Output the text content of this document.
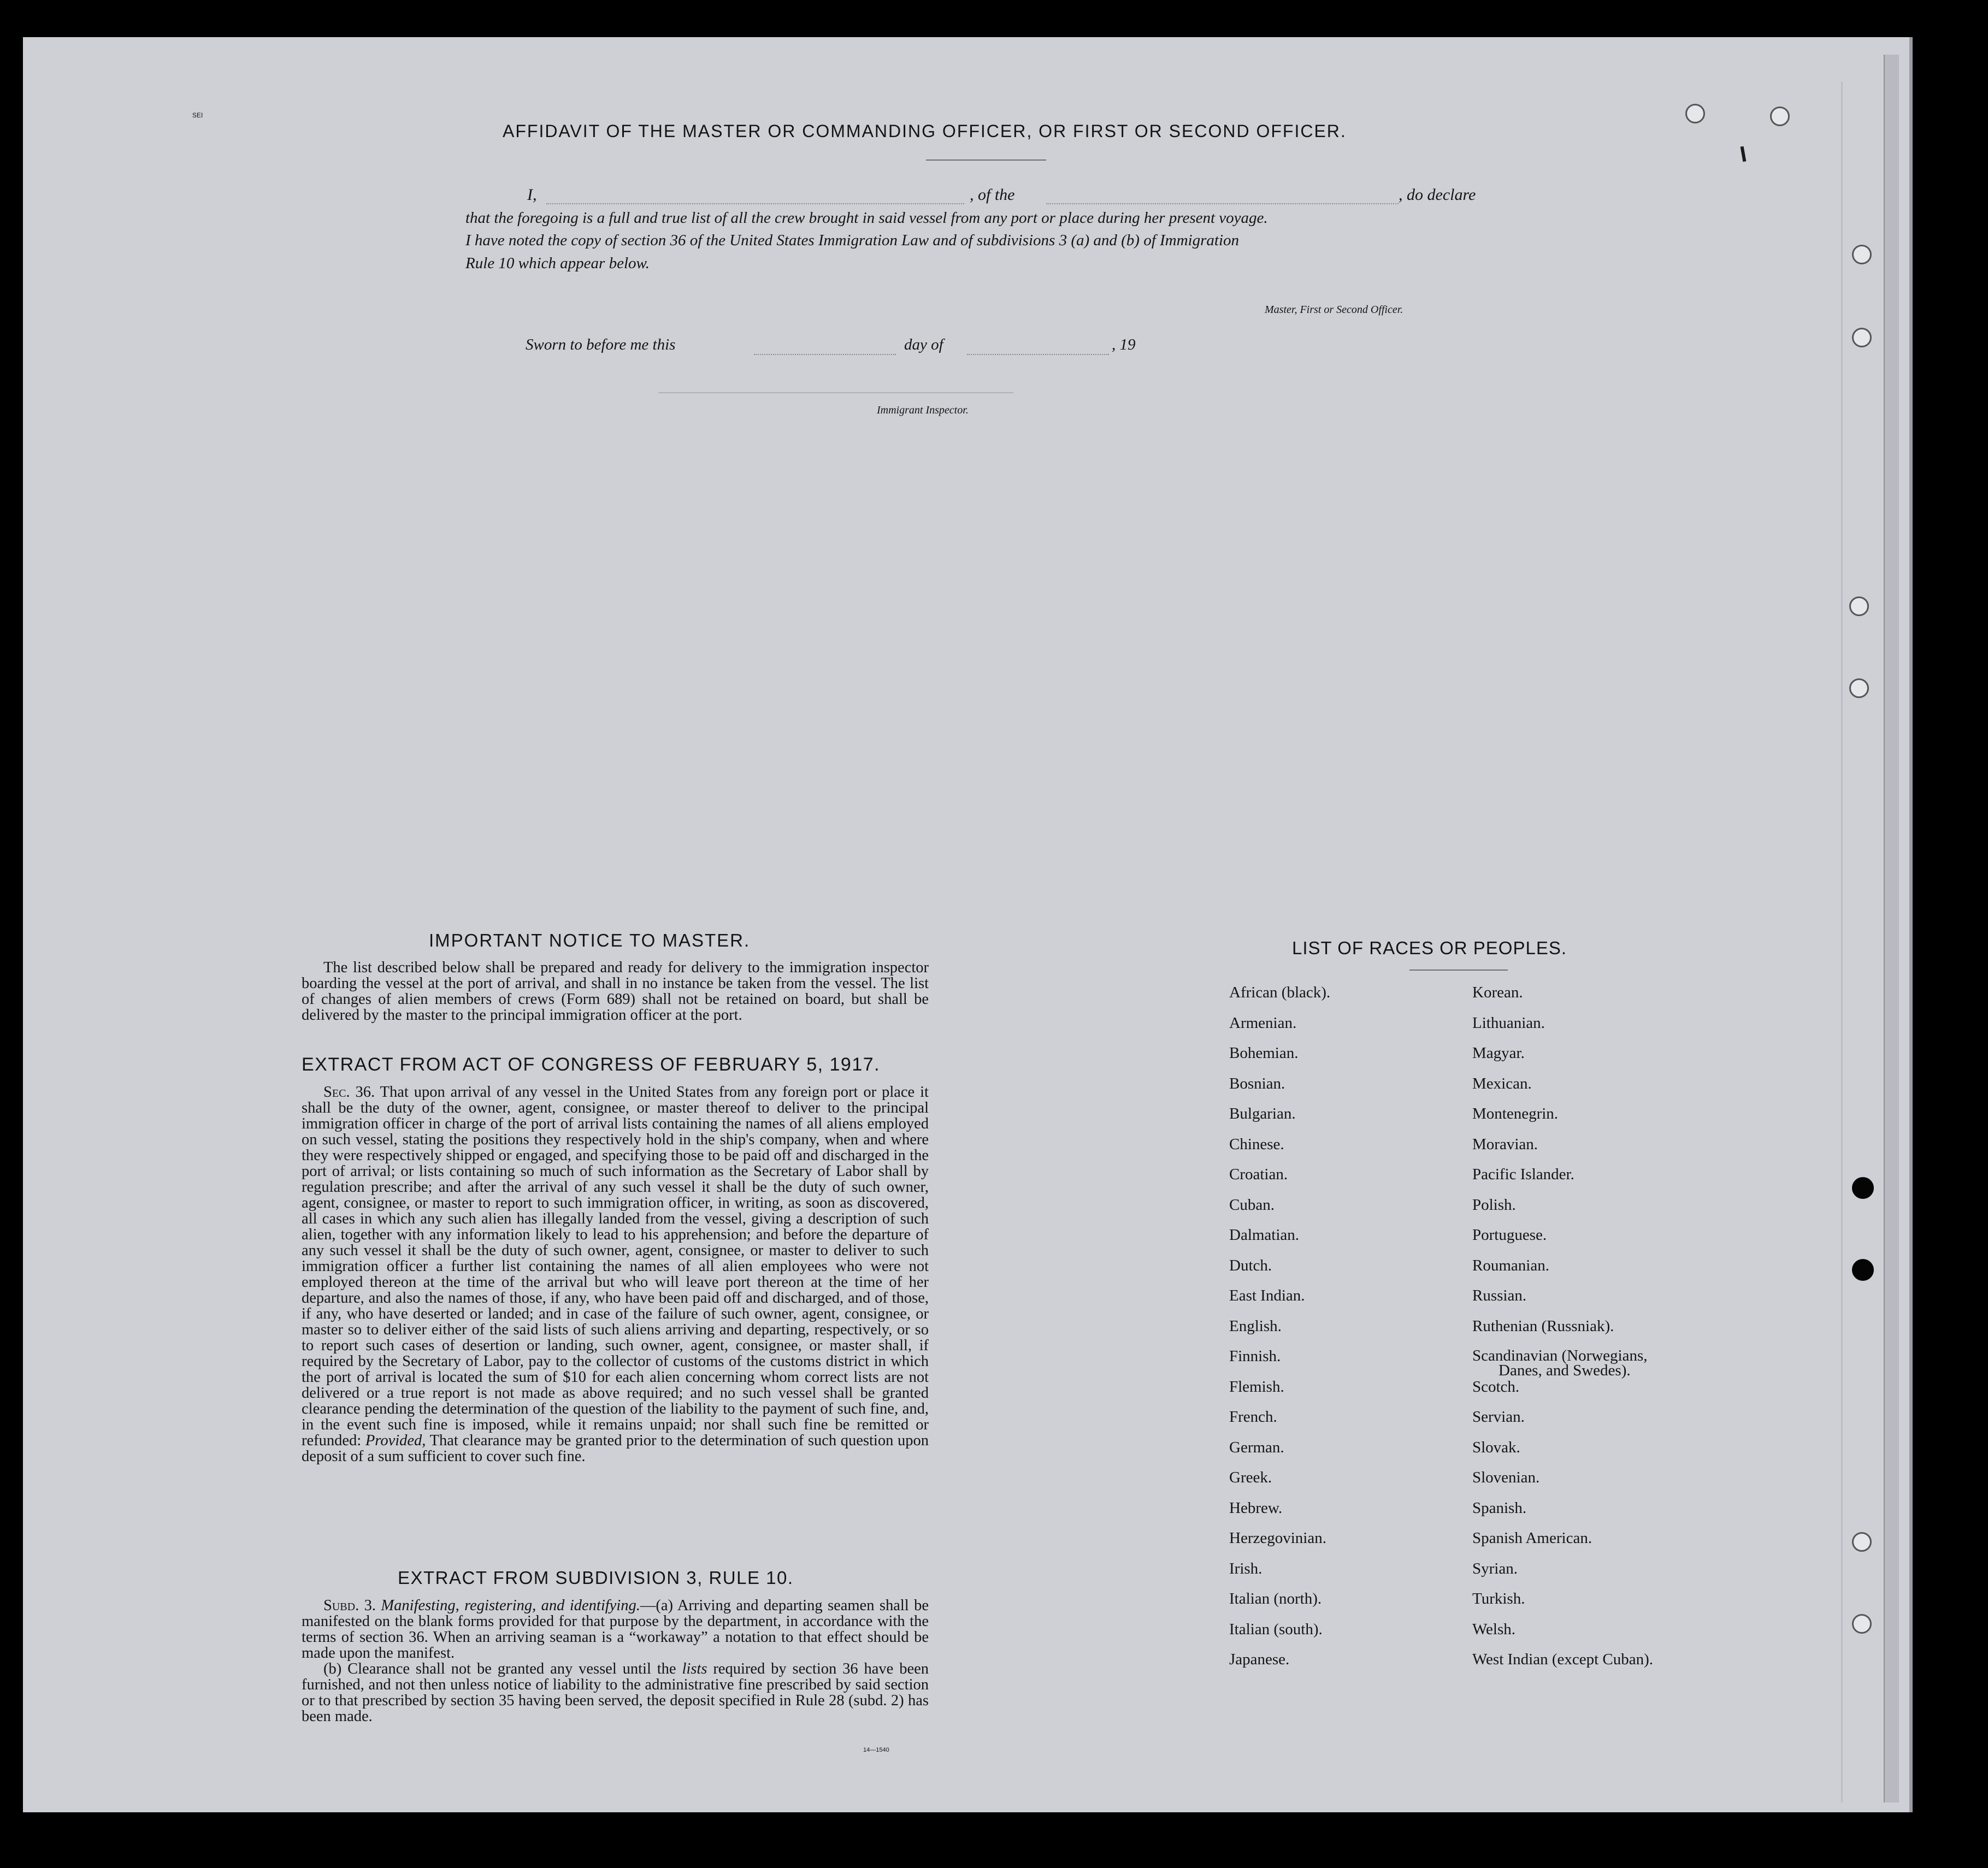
SEI
AFFIDAVIT OF THE MASTER OR COMMANDING OFFICER, OR FIRST OR SECOND OFFICER.
I,	, of the	, do declare
that the foregoing is a full and true list of all the crew brought in said vessel from any port or place during her present voyage.
I have noted the copy of section 36 of the United States Immigration Law and of subdivisions 3 (a) and (b) of Immigration
Rule 10 which appear below.
Master, First or Second Officer.
Sworn to before me this	day of	, 19
Immigrant Inspector.
IMPORTANT NOTICE TO MASTER.

The list described below shall be prepared and ready for delivery to the immigration inspector boarding the vessel at the port of arrival, and shall in no instance be taken from the vessel. The list of changes of alien members of crews (Form 689) shall not be retained on board, but shall be delivered by the master to the principal immigration officer at the port.

EXTRACT FROM ACT OF CONGRESS OF FEBRUARY 5, 1917.

Sec. 36. That upon arrival of any vessel in the United States from any foreign port or place it shall be the duty of the owner, agent, consignee, or master thereof to deliver to the principal immigration officer in charge of the port of arrival lists containing the names of all aliens employed on such vessel, stating the positions they respectively hold in the ship's company, when and where they were respectively shipped or engaged, and specifying those to be paid off and discharged in the port of arrival; or lists containing so much of such information as the Secretary of Labor shall by regulation prescribe; and after the arrival of any such vessel it shall be the duty of such owner, agent, consignee, or master to report to such immigration officer, in writing, as soon as discovered, all cases in which any such alien has illegally landed from the vessel, giving a description of such alien, together with any information likely to lead to his apprehension; and before the departure of any such vessel it shall be the duty of such owner, agent, consignee, or master to deliver to such immigration officer a further list containing the names of all alien employees who were not employed thereon at the time of the arrival but who will leave port thereon at the time of her departure, and also the names of those, if any, who have been paid off and discharged, and of those, if any, who have deserted or landed; and in case of the failure of such owner, agent, consignee, or master so to deliver either of the said lists of such aliens arriving and departing, respectively, or so to report such cases of desertion or landing, such owner, agent, consignee, or master shall, if required by the Secretary of Labor, pay to the collector of customs of the customs district in which the port of arrival is located the sum of $10 for each alien concerning whom correct lists are not delivered or a true report is not made as above required; and no such vessel shall be granted clearance pending the determination of the question of the liability to the payment of such fine, and, in the event such fine is imposed, while it remains unpaid; nor shall such fine be remitted or refunded: Provided, That clearance may be granted prior to the determination of such question upon deposit of a sum sufficient to cover such fine.

EXTRACT FROM SUBDIVISION 3, RULE 10.

Subd. 3. Manifesting, registering, and identifying.—(a) Arriving and departing seamen shall be manifested on the blank forms provided for that purpose by the department, in accordance with the terms of section 36. When an arriving seaman is a “workaway” a notation to that effect should be made upon the manifest.

(b) Clearance shall not be granted any vessel until the lists required by section 36 have been furnished, and not then unless notice of liability to the administrative fine prescribed by said section or to that prescribed by section 35 having been served, the deposit specified in Rule 28 (subd. 2) has been made.

14—1540
LIST OF RACES OR PEOPLES.
African (black).
Armenian.
Bohemian.
Bosnian.
Bulgarian.
Chinese.
Croatian.
Cuban.
Dalmatian.
Dutch.
East Indian.
English.
Finnish.
Flemish.
French.
German.
Greek.
Hebrew.
Herzegovinian.
Irish.
Italian (north).
Italian (south).
Japanese.
Korean.
Lithuanian.
Magyar.
Mexican.
Montenegrin.
Moravian.
Pacific Islander.
Polish.
Portuguese.
Roumanian.
Russian.
Ruthenian (Russniak).
Scandinavian (Norwegians,
Danes, and Swedes).
Scotch.
Servian.
Slovak.
Slovenian.
Spanish.
Spanish American.
Syrian.
Turkish.
Welsh.
West Indian (except Cuban).
